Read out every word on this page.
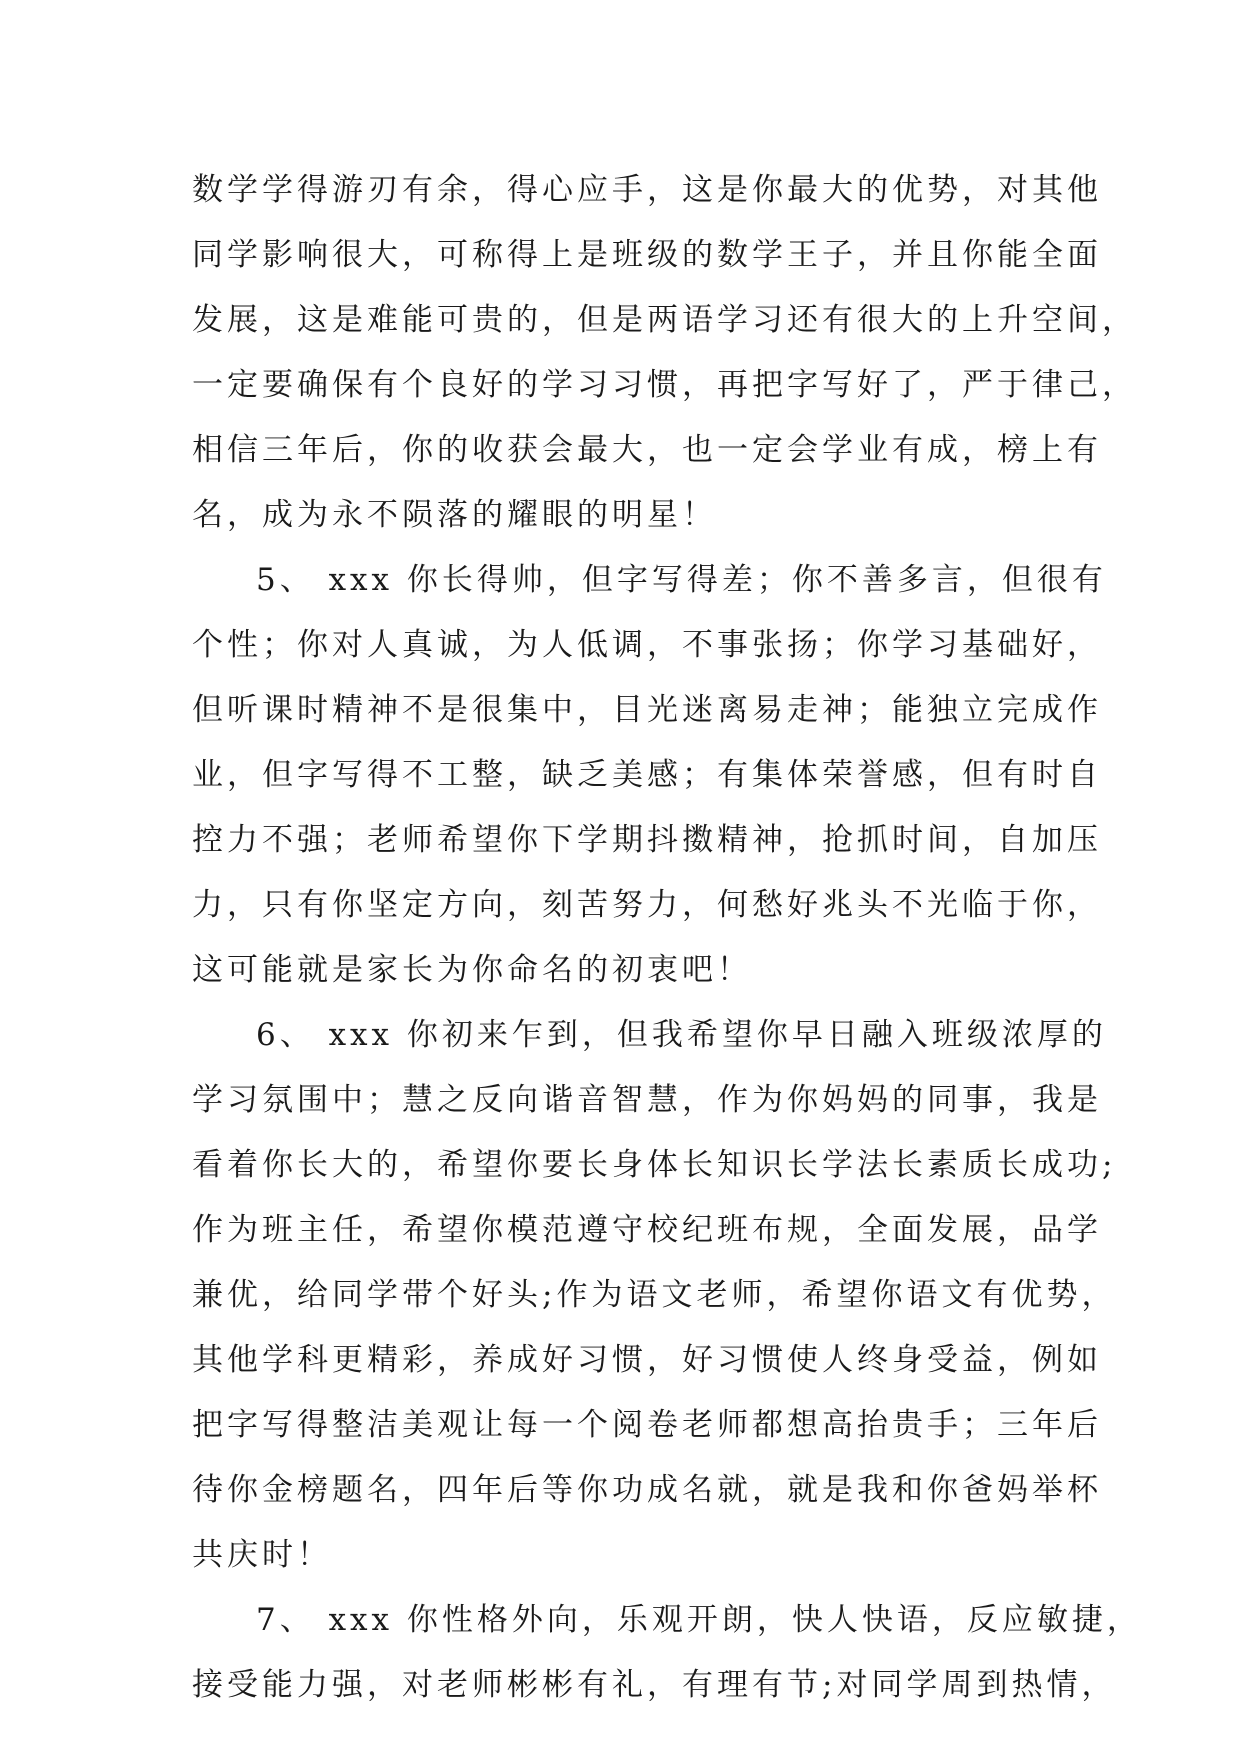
数学学得游刃有余，得心应手，这是你最大的优势，对其他
同学影响很大，可称得上是班级的数学王子，并且你能全面
发展，这是难能可贵的，但是两语学习还有很大的上升空间，
一定要确保有个良好的学习习惯，再把字写好了，严于律己，
相信三年后，你的收获会最大，也一定会学业有成，榜上有
名，成为永不陨落的耀眼的明星！
5、 xxx 你长得帅，但字写得差；你不善多言，但很有
个性；你对人真诚，为人低调，不事张扬；你学习基础好，
但听课时精神不是很集中，目光迷离易走神；能独立完成作
业，但字写得不工整，缺乏美感；有集体荣誉感，但有时自
控力不强；老师希望你下学期抖擞精神，抢抓时间，自加压
力，只有你坚定方向，刻苦努力，何愁好兆头不光临于你，
这可能就是家长为你命名的初衷吧！
6、 xxx 你初来乍到，但我希望你早日融入班级浓厚的
学习氛围中；慧之反向谐音智慧，作为你妈妈的同事，我是
看着你长大的，希望你要长身体长知识长学法长素质长成功;
作为班主任，希望你模范遵守校纪班布规，全面发展，品学
兼优，给同学带个好头;作为语文老师，希望你语文有优势，
其他学科更精彩，养成好习惯，好习惯使人终身受益，例如
把字写得整洁美观让每一个阅卷老师都想高抬贵手；三年后
待你金榜题名，四年后等你功成名就，就是我和你爸妈举杯
共庆时！
7、 xxx 你性格外向，乐观开朗，快人快语，反应敏捷，
接受能力强，对老师彬彬有礼，有理有节;对同学周到热情，
